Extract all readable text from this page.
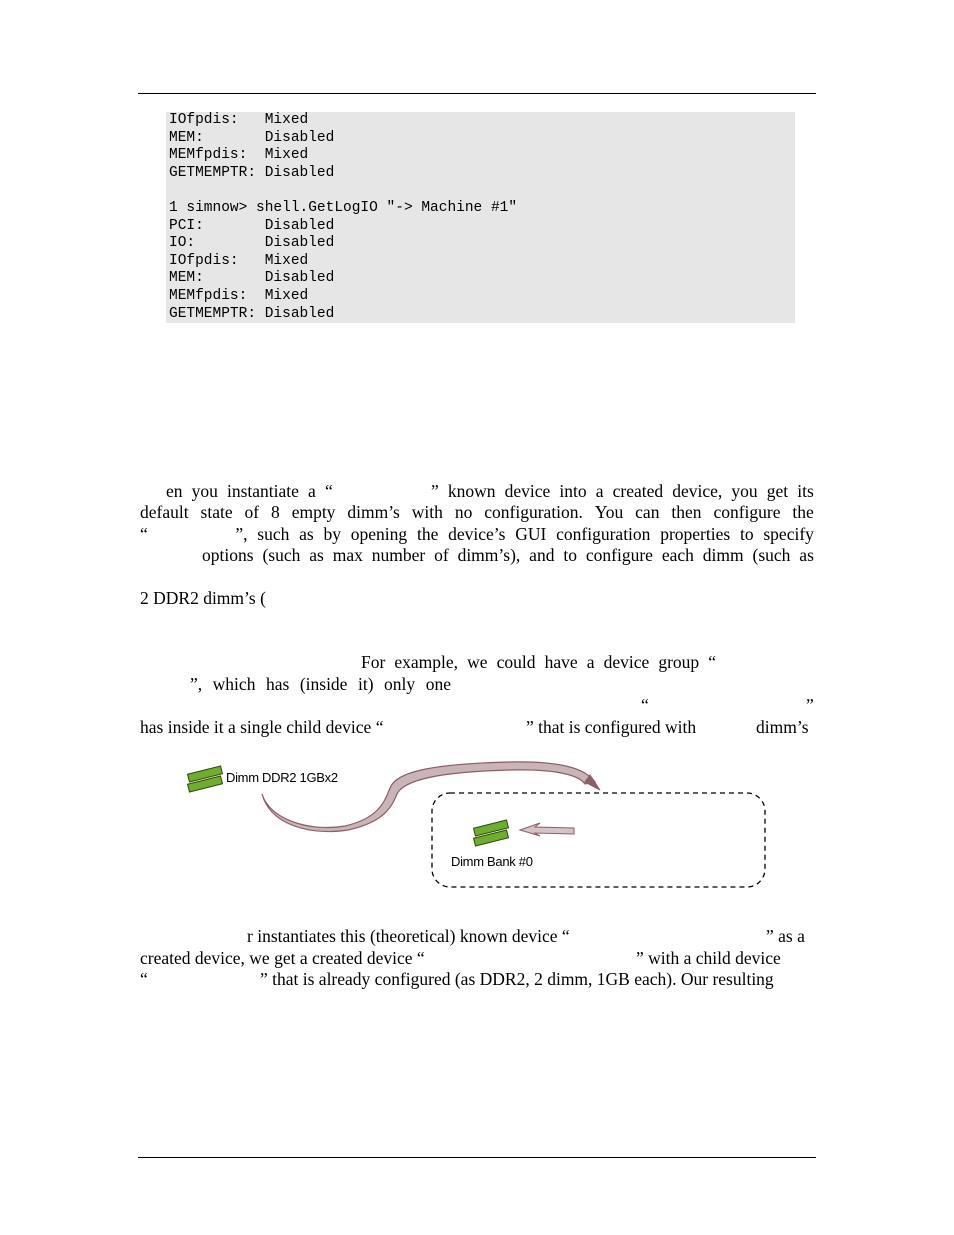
IOfpdis:   Mixed
MEM:       Disabled
MEMfpdis:  Mixed
GETMEMPTR: Disabled
1 simnow> shell.GetLogIO "-> Machine #1"
PCI:       Disabled
IO:        Disabled
IOfpdis:   Mixed
MEM:       Disabled
MEMfpdis:  Mixed
GETMEMPTR: Disabled
en you instantiate a “	” known device into a created device, you get its
default state of 8 empty dimm’s with no configuration. You can then configure the
“	”, such as by opening the device’s GUI configuration properties to specify
options (such as max number of dimm’s), and to configure each dimm (such as
2 DDR2 dimm’s (
For example, we could have a device group “
”, which has (inside it) only one
“	”
has inside it a single child device “	” that is configured with	dimm’s
Dimm DDR2 1GBx2
Dimm Bank #0
r instantiates this (theoretical) known device “	” as a
created device, we get a created device “	” with a child device
“	” that is already configured (as DDR2, 2 dimm, 1GB each). Our resulting
